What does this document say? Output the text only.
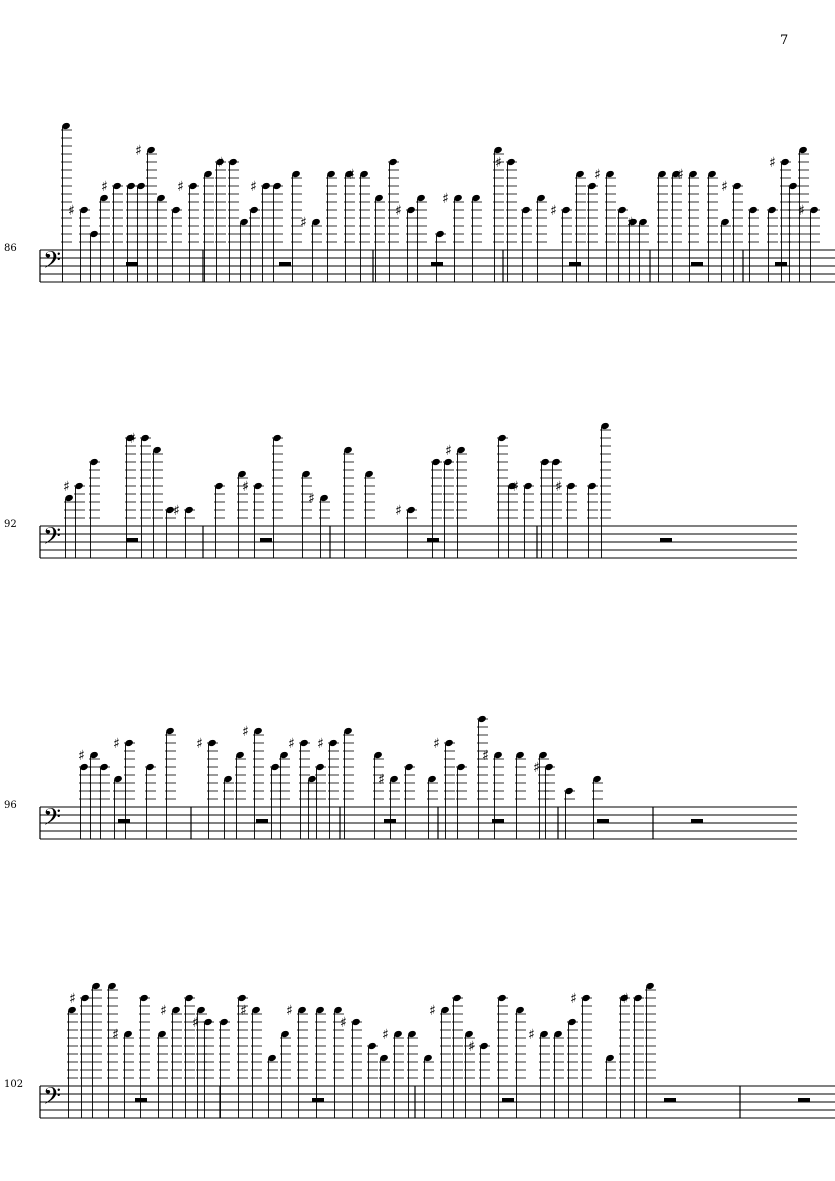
7
86
92
96
102
𝄢
♯
♯
♯
♯
♯
♯
♯
♯
♯
♯
♯
♯
♯
♯
♯
♯
♯
♯
𝄢
♯
♯
♯
♯
♯
♯
♯
♯	♯
𝄢
♯
♯	♯
♯
♯ ♯
♯
♯
♯
♯
𝄢
♯
♯
♯
♯
♯	♯
♯
♯
♯
♯
♯
♯	♯
